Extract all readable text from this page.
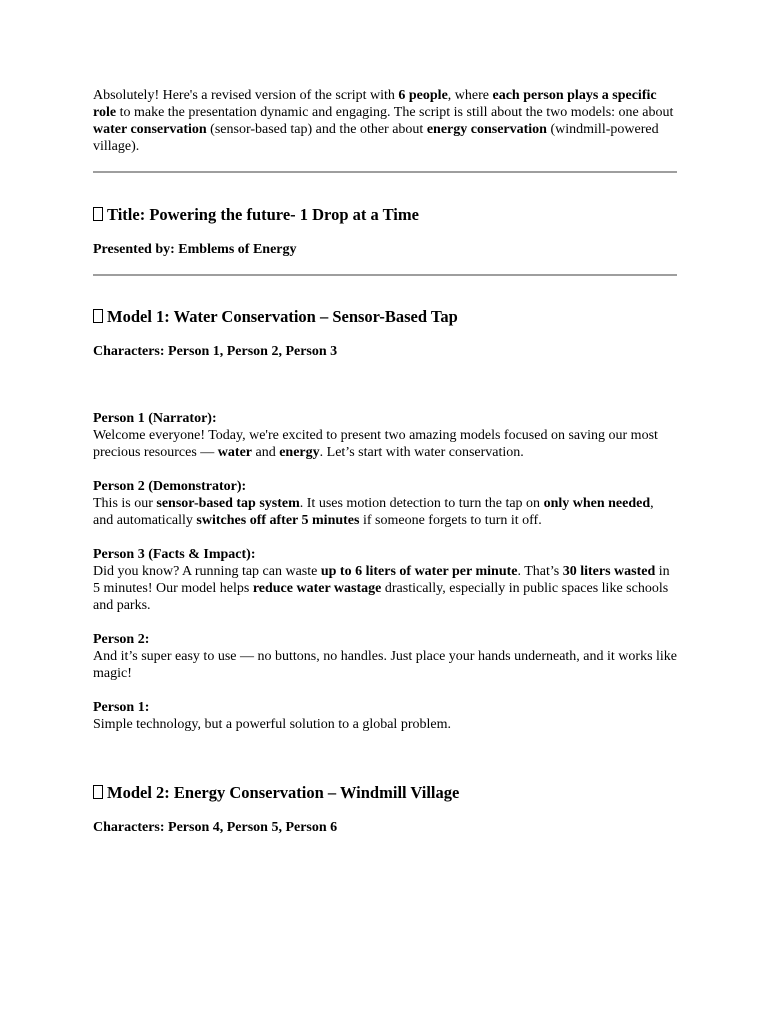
Absolutely! Here's a revised version of the script with 6 people, where each person plays a specific role to make the presentation dynamic and engaging. The script is still about the two models: one about water conservation (sensor-based tap) and the other about energy conservation (windmill-powered village).

Title: Powering the future- 1 Drop at a Time

Presented by: Emblems of Energy

Model 1: Water Conservation – Sensor-Based Tap

Characters: Person 1, Person 2, Person 3

Person 1 (Narrator):

Welcome everyone! Today, we're excited to present two amazing models focused on saving our most precious resources — water and energy. Let’s start with water conservation.

Person 2 (Demonstrator):

This is our sensor-based tap system. It uses motion detection to turn the tap on only when needed, and automatically switches off after 5 minutes if someone forgets to turn it off.

Person 3 (Facts & Impact):

Did you know? A running tap can waste up to 6 liters of water per minute. That’s 30 liters wasted in 5 minutes! Our model helps reduce water wastage drastically, especially in public spaces like schools and parks.

Person 2:

And it’s super easy to use — no buttons, no handles. Just place your hands underneath, and it works like magic!

Person 1:

Simple technology, but a powerful solution to a global problem.

Model 2: Energy Conservation – Windmill Village

Characters: Person 4, Person 5, Person 6
